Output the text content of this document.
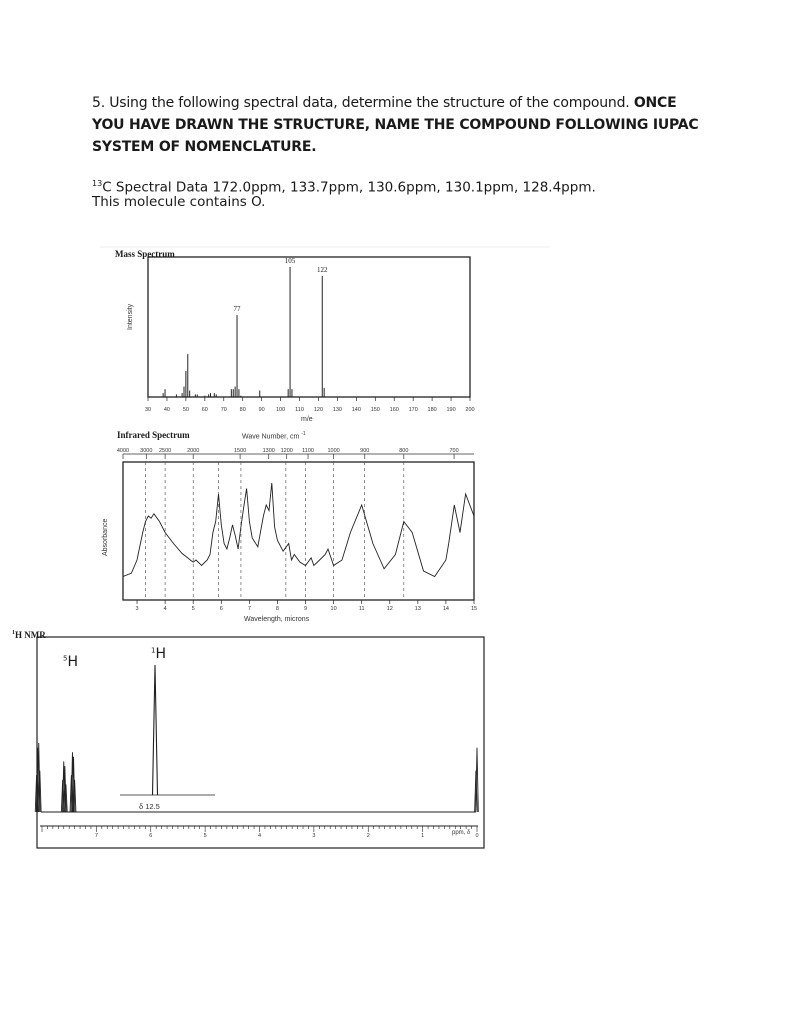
5. Using the following spectral data, determine the structure of the compound. ONCE
YOU HAVE DRAWN THE STRUCTURE, NAME THE COMPOUND FOLLOWING IUPAC
SYSTEM OF NOMENCLATURE.
$^{13}$C Spectral Data 172.0ppm, 133.7ppm, 130.6ppm, 130.1ppm, 128.4ppm.
This molecule contains O.
Mass Spectrum
Intensity
30 40 50 60 70 80 90 100 110 120 130 140 150 160 170 180 190 200
77
105
122
m/e
Infrared Spectrum	Wave Number, cm $^{-1}$
Absorbance
4000 3000 2500	2000	1500	1300 1200 1100 1000	900	800	700
3	4	5	6	7	8	9	10	11	12	13	14	15
Wavelength, microns
$^1$H NMR
$^5$H
$^1$H
δ 12.5
7	6	5	4	3	2	1	0
ppm, δ
